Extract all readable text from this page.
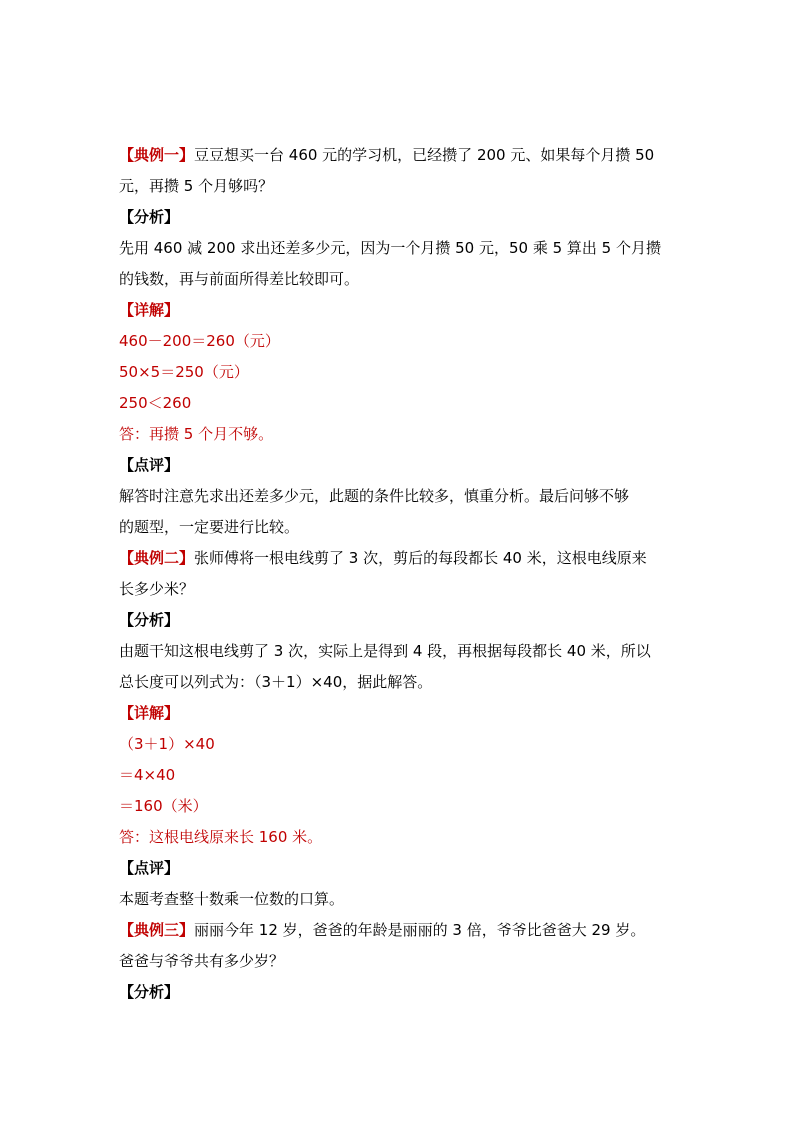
【典例一】豆豆想买一台 460 元的学习机，已经攒了 200 元、如果每个月攒 50
元，再攒 5 个月够吗？
【分析】
先用 460 减 200 求出还差多少元，因为一个月攒 50 元，50 乘 5 算出 5 个月攒
的钱数，再与前面所得差比较即可。
【详解】
460－200＝260（元）
50×5＝250（元）
250＜260
答：再攒 5 个月不够。
【点评】
解答时注意先求出还差多少元，此题的条件比较多，慎重分析。最后问够不够
的题型，一定要进行比较。
【典例二】张师傅将一根电线剪了 3 次，剪后的每段都长 40 米，这根电线原来
长多少米？
【分析】
由题干知这根电线剪了 3 次，实际上是得到 4 段，再根据每段都长 40 米，所以
总长度可以列式为：（3＋1）×40，据此解答。
【详解】
（3＋1）×40
＝4×40
＝160（米）
答：这根电线原来长 160 米。
【点评】
本题考查整十数乘一位数的口算。
【典例三】丽丽今年 12 岁，爸爸的年龄是丽丽的 3 倍，爷爷比爸爸大 29 岁。
爸爸与爷爷共有多少岁？
【分析】
